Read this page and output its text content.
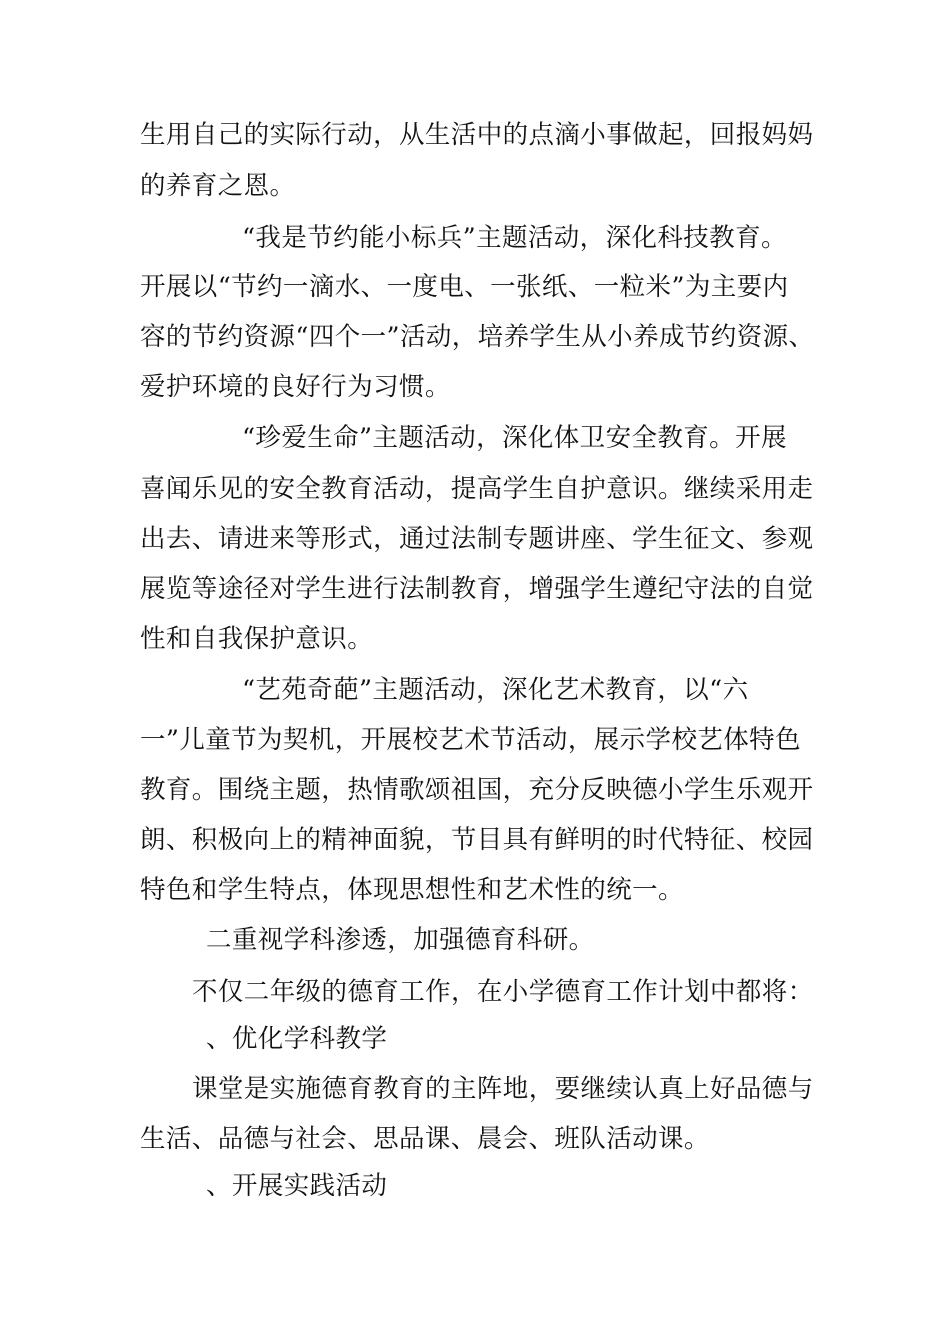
生用自己的实际行动，从生活中的点滴小事做起，回报妈妈
的养育之恩。
“我是节约能小标兵”主题活动，深化科技教育。
开展以“节约一滴水、一度电、一张纸、一粒米”为主要内
容的节约资源“四个一”活动，培养学生从小养成节约资源、
爱护环境的良好行为习惯。
“珍爱生命”主题活动，深化体卫安全教育。开展
喜闻乐见的安全教育活动，提高学生自护意识。继续采用走
出去、请进来等形式，通过法制专题讲座、学生征文、参观
展览等途径对学生进行法制教育，增强学生遵纪守法的自觉
性和自我保护意识。
“艺苑奇葩”主题活动，深化艺术教育，以“六
一”儿童节为契机，开展校艺术节活动，展示学校艺体特色
教育。围绕主题，热情歌颂祖国，充分反映德小学生乐观开
朗、积极向上的精神面貌，节目具有鲜明的时代特征、校园
特色和学生特点，体现思想性和艺术性的统一。
二重视学科渗透，加强德育科研。
不仅二年级的德育工作，在小学德育工作计划中都将：
、优化学科教学
课堂是实施德育教育的主阵地，要继续认真上好品德与
生活、品德与社会、思品课、晨会、班队活动课。
、开展实践活动
